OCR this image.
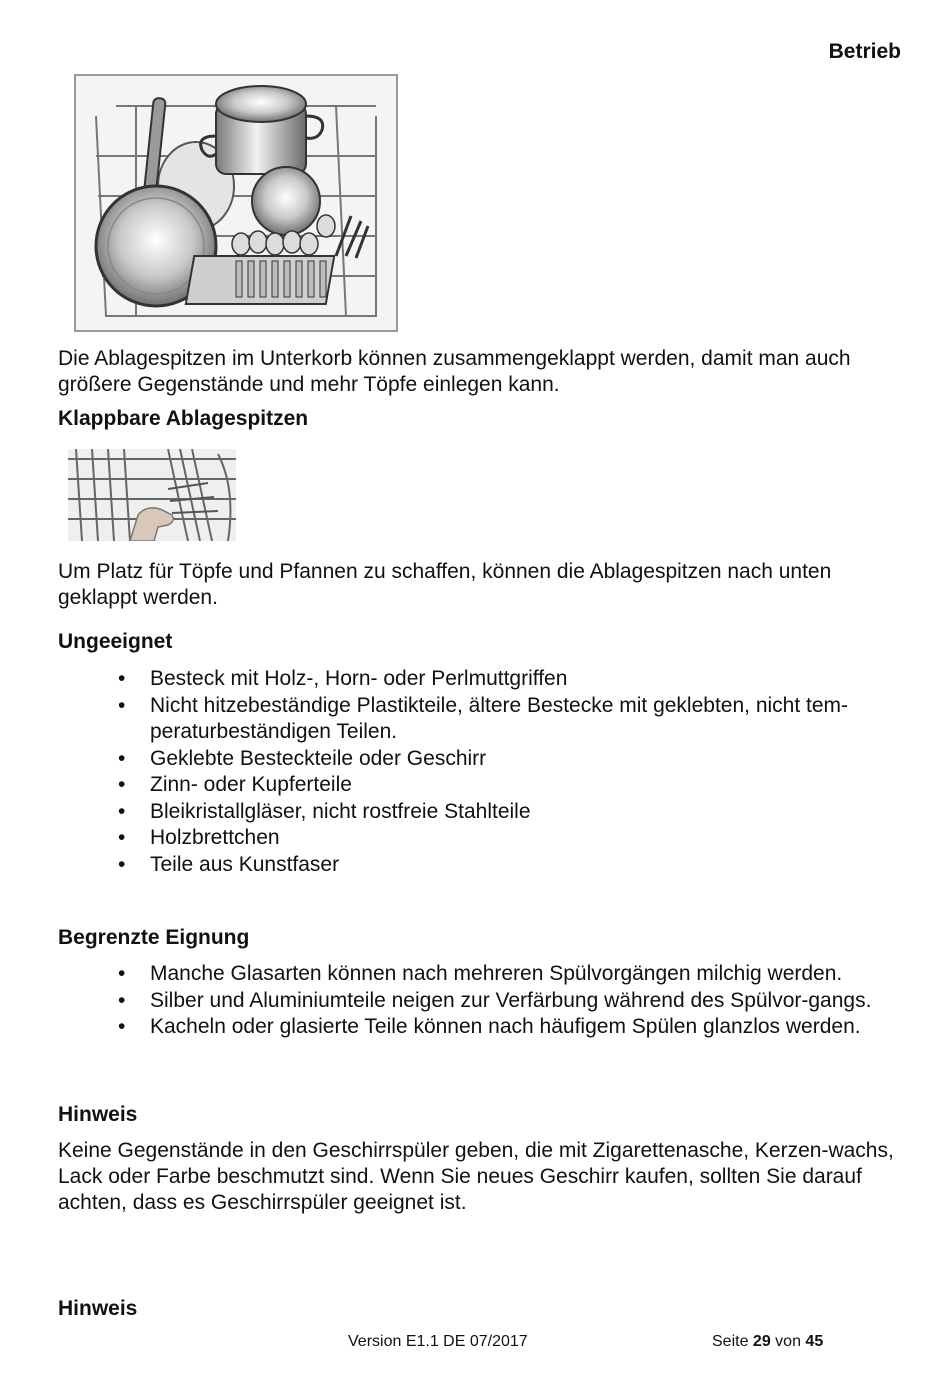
Betrieb
Die Ablagespitzen im Unterkorb können zusammengeklappt werden, damit man auch größere Gegenstände und mehr Töpfe einlegen kann.
Klappbare Ablagespitzen
Um Platz für Töpfe und Pfannen zu schaffen, können die Ablagespitzen nach unten geklappt werden.
Ungeeignet
• Besteck mit Holz-, Horn- oder Perlmuttgriffen
• Nicht hitzebeständige Plastikteile, ältere Bestecke mit geklebten, nicht tem-peraturbeständigen Teilen.
• Geklebte Besteckteile oder Geschirr
• Zinn- oder Kupferteile
• Bleikristallgläser, nicht rostfreie Stahlteile
• Holzbrettchen
• Teile aus Kunstfaser
Begrenzte Eignung
• Manche Glasarten können nach mehreren Spülvorgängen milchig werden.
• Silber und Aluminiumteile neigen zur Verfärbung während des Spülvor-gangs.
• Kacheln oder glasierte Teile können nach häufigem Spülen glanzlos werden.
Hinweis
Keine Gegenstände in den Geschirrspüler geben, die mit Zigarettenasche, Kerzen-wachs, Lack oder Farbe beschmutzt sind. Wenn Sie neues Geschirr kaufen, sollten Sie darauf achten, dass es Geschirrspüler geeignet ist.
Hinweis
Version E1.1 DE 07/2017	Seite 29 von 45
